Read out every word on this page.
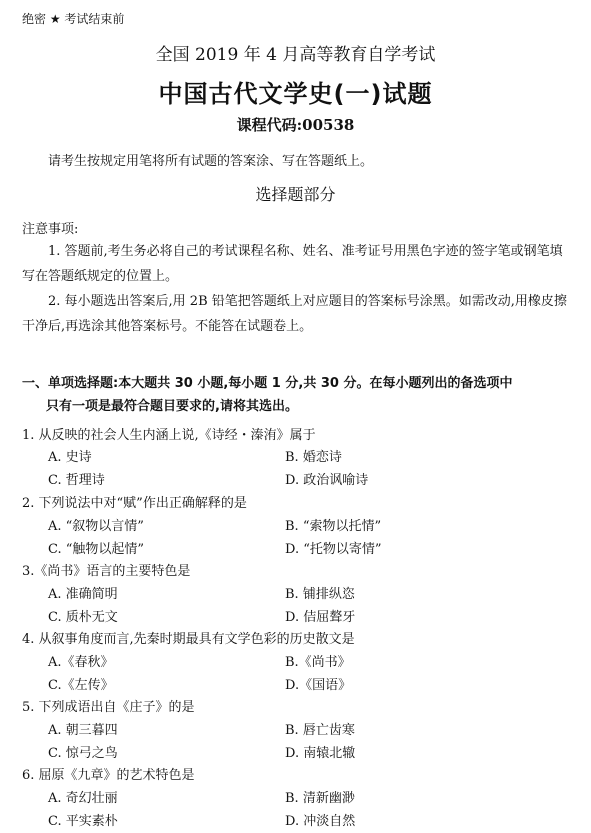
绝密 ★ 考试结束前
全国 2019 年 4 月高等教育自学考试
中国古代文学史(一)试题
课程代码:00538
请考生按规定用笔将所有试题的答案涂、写在答题纸上。
选择题部分
注意事项:
1. 答题前,考生务必将自己的考试课程名称、姓名、准考证号用黑色字迹的签字笔或钢笔填写在答题纸规定的位置上。
2. 每小题选出答案后,用 2B 铅笔把答题纸上对应题目的答案标号涂黑。如需改动,用橡皮擦干净后,再选涂其他答案标号。不能答在试题卷上。
一、单项选择题:本大题共 30 小题,每小题 1 分,共 30 分。在每小题列出的备选项中
只有一项是最符合题目要求的,请将其选出。
1. 从反映的社会人生内涵上说,《诗经・溱洧》属于
A. 史诗	B. 婚恋诗
C. 哲理诗	D. 政治讽喻诗
2. 下列说法中对“赋”作出正确解释的是
A. “叙物以言情”	B. “索物以托情”
C. “触物以起情”	D. “托物以寄情”
3.《尚书》语言的主要特色是
A. 准确简明	B. 铺排纵恣
C. 质朴无文	D. 佶屈聱牙
4. 从叙事角度而言,先秦时期最具有文学色彩的历史散文是
A.《春秋》	B.《尚书》
C.《左传》	D.《国语》
5. 下列成语出自《庄子》的是
A. 朝三暮四	B. 唇亡齿寒
C. 惊弓之鸟	D. 南辕北辙
6. 屈原《九章》的艺术特色是
A. 奇幻壮丽	B. 清新幽渺
C. 平实素朴	D. 冲淡自然
